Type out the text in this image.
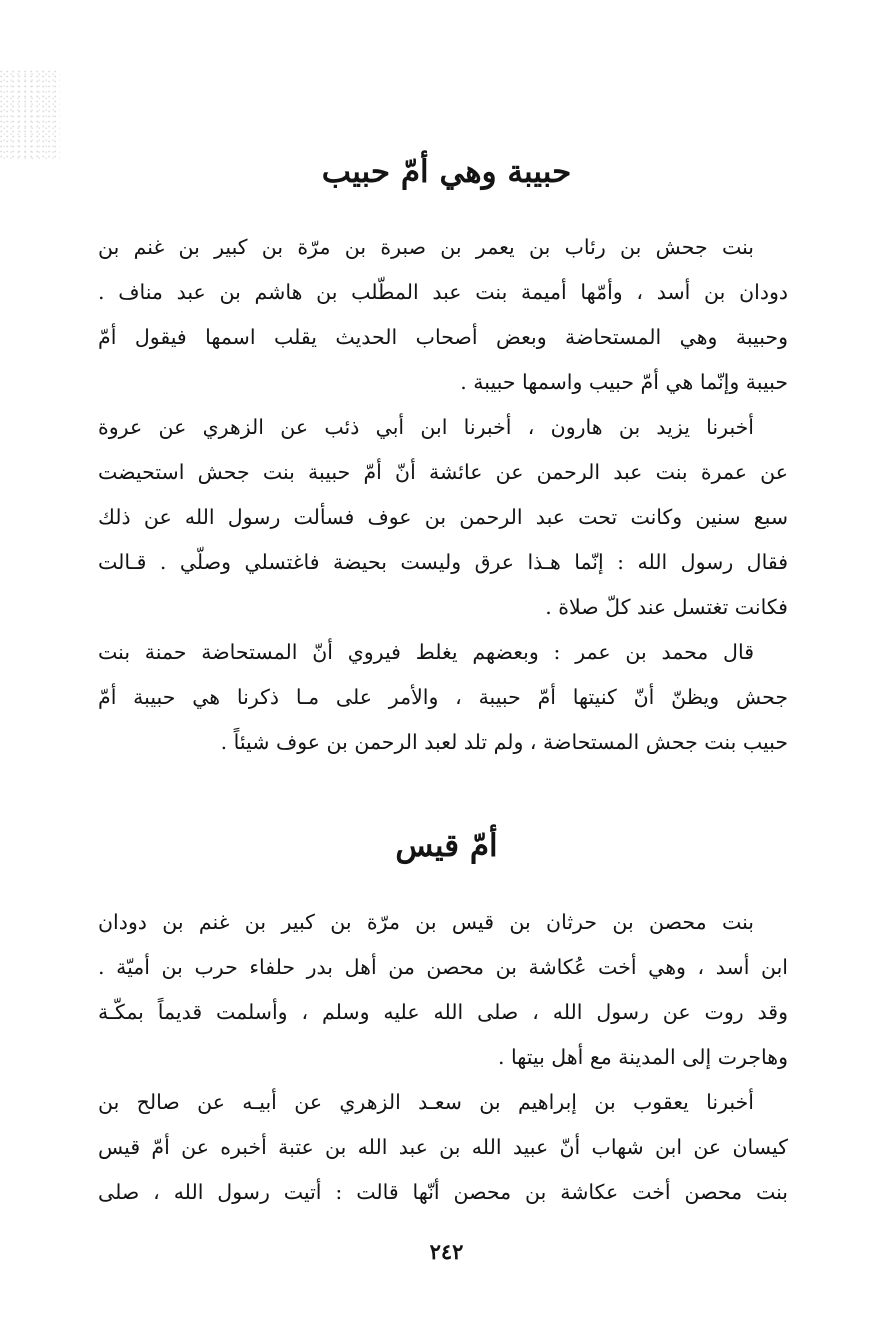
حبيبة وهي أمّ حبيب
بنت جحش بن رئاب بن يعمر بن صبرة بن مرّة بن كبير بن غنم بن
دودان بن أسد ، وأمّها أميمة بنت عبد المطّلب بن هاشم بن عبد مناف .
وحبيبة وهي المستحاضة وبعض أصحاب الحديث يقلب اسمها فيقول أمّ
حبيبة وإنّما هي أمّ حبيب واسمها حبيبة .
أخبرنا يزيد بن هارون ، أخبرنا ابن أبي ذئب عن الزهري عن عروة
عن عمرة بنت عبد الرحمن عن عائشة أنّ أمّ حبيبة بنت جحش استحيضت
سبع سنين وكانت تحت عبد الرحمن بن عوف فسألت رسول الله عن ذلك
فقال رسول الله : إنّما هـذا عرق وليست بحيضة فاغتسلي وصلّي . قـالت
فكانت تغتسل عند كلّ صلاة .
قال محمد بن عمر : وبعضهم يغلط فيروي أنّ المستحاضة حمنة بنت
جحش ويظنّ أنّ كنيتها أمّ حبيبة ، والأمر على مـا ذكرنا هي حبيبة أمّ
حبيب بنت جحش المستحاضة ، ولم تلد لعبد الرحمن بن عوف شيئاً .
أمّ قيس
بنت محصن بن حرثان بن قيس بن مرّة بن كبير بن غنم بن دودان
ابن أسد ، وهي أخت عُكاشة بن محصن من أهل بدر حلفاء حرب بن أميّة .
وقد روت عن رسول الله ، صلى الله عليه وسلم ، وأسلمت قديماً بمكّـة
وهاجرت إلى المدينة مع أهل بيتها .
أخبرنا يعقوب بن إبراهيم بن سعـد الزهري عن أبيـه عن صالح بن
كيسان عن ابن شهاب أنّ عبيد الله بن عبد الله بن عتبة أخبره عن أمّ قيس
بنت محصن أخت عكاشة بن محصن أنّها قالت : أتيت رسول الله ، صلى
٢٤٢
